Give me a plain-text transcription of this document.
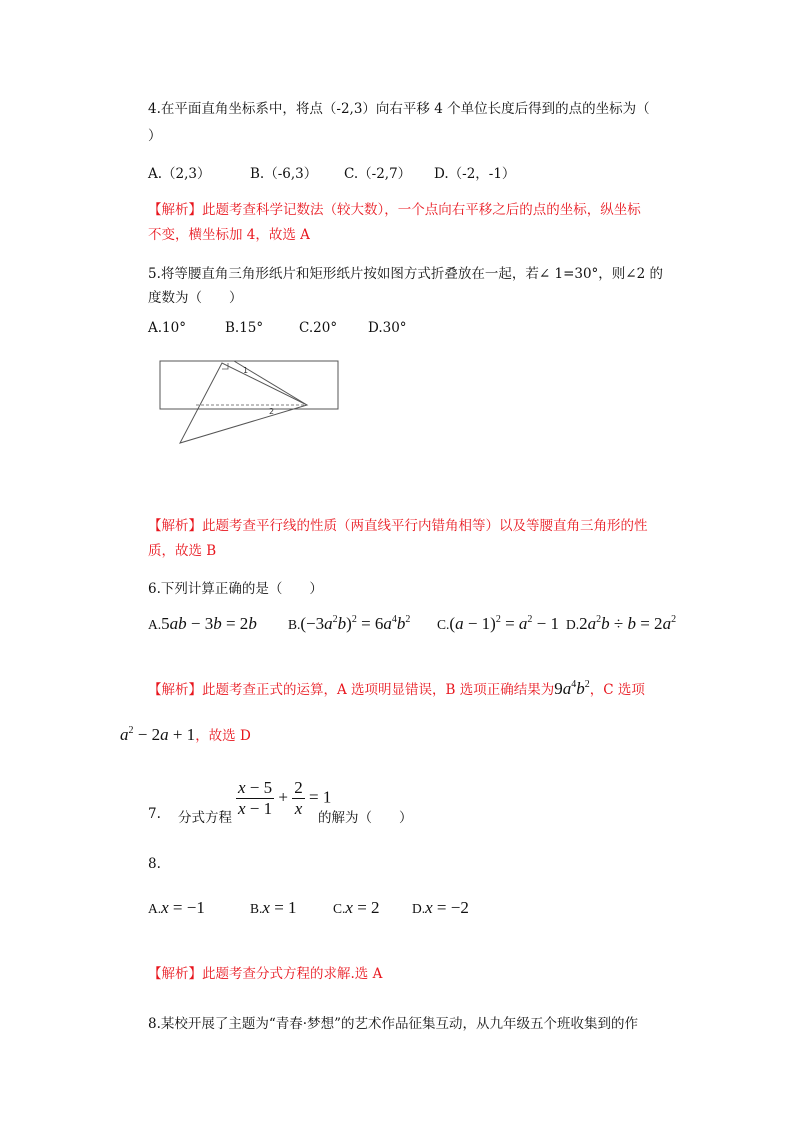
4.在平面直角坐标系中，将点（-2,3）向右平移 4 个单位长度后得到的点的坐标为（
）
A.（2,3）	B.（-6,3） C.（-2,7） D.（-2，-1）
【解析】此题考查科学记数法（较大数），一个点向右平移之后的点的坐标，纵坐标
不变，横坐标加 4，故选 A
5.将等腰直角三角形纸片和矩形纸片按如图方式折叠放在一起，若∠ 1=30°，则∠2 的
度数为（　　）
A.10°	B.15°	C.20° D.30°
1
2
【解析】此题考查平行线的性质（两直线平行内错角相等）以及等腰直角三角形的性
质，故选 B
6.下列计算正确的是（　　）
A.5ab − 3b = 2b $B.(-3a^2b)^2 = 6a^4b^2$ $C.(a - 1)^2 = a^2 - 1$ $D.2a^2b \div b = 2a^2$
【解析】此题考查正式的运算，A 选项明显错误，B 选项正确结果为$9a^4b^2$，C 选项
$a^2 - 2a + 1$，故选 D
7. 分式方程 $\frac{x - 5}{x - 1} + \frac{2}{x} = 1$
的解为（　　）
8.
A.x = −1	B.x = 1	C.x = 2 D.x = −2
【解析】此题考查分式方程的求解.选 A
8.某校开展了主题为“青春·梦想”的艺术作品征集互动，从九年级五个班收集到的作
